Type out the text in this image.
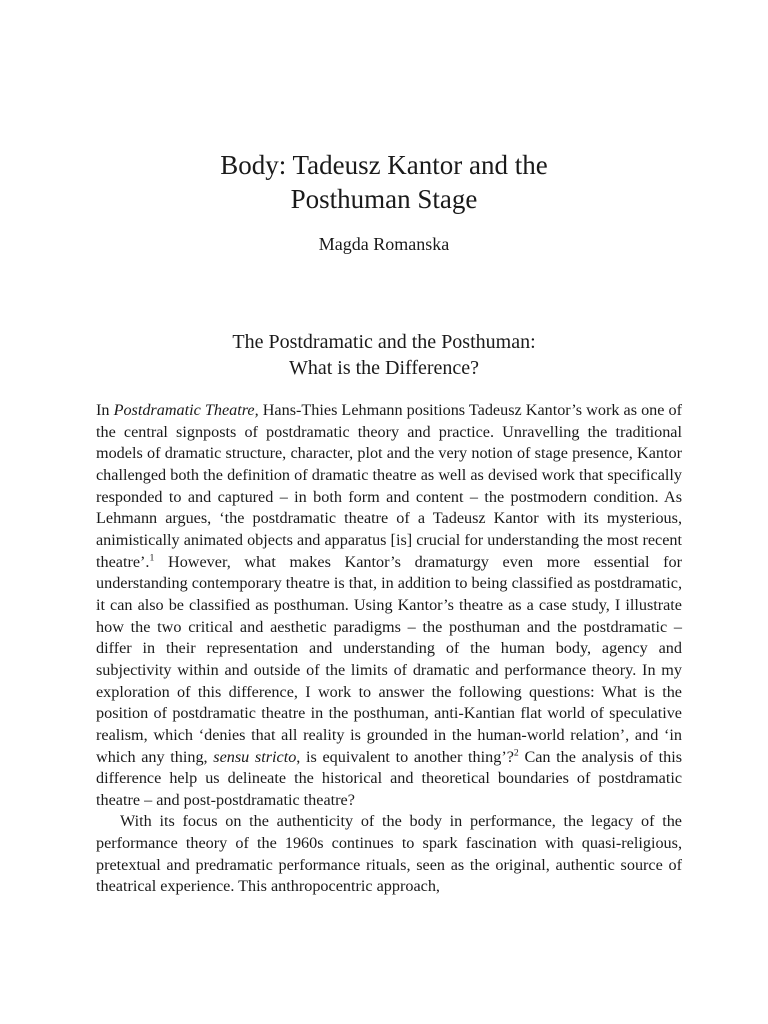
Body: Tadeusz Kantor and the
Posthuman Stage
Magda Romanska
The Postdramatic and the Posthuman:
What is the Difference?

In Postdramatic Theatre, Hans-Thies Lehmann positions Tadeusz Kantor’s work as one of the central signposts of postdramatic theory and practice. Unravelling the traditional models of dramatic structure, character, plot and the very notion of stage presence, Kantor challenged both the definition of dramatic theatre as well as devised work that specifically responded to and captured – in both form and content – the postmodern condition. As Lehmann argues, ‘the postdramatic theatre of a Tadeusz Kantor with its mysterious, animistically animated objects and apparatus [is] crucial for understanding the most recent theatre’.$^1$ However, what makes Kantor’s dramaturgy even more essential for understanding contemporary theatre is that, in addition to being classified as postdramatic, it can also be classified as posthuman. Using Kantor’s theatre as a case study, I illustrate how the two critical and aesthetic paradigms – the posthuman and the postdramatic – differ in their representation and understanding of the human body, agency and subjectivity within and outside of the limits of dramatic and performance theory. In my exploration of this difference, I work to answer the following questions: What is the position of postdramatic theatre in the posthuman, anti-Kantian flat world of speculative realism, which ‘denies that all reality is grounded in the human-world relation’, and ‘in which any thing, sensu stricto, is equivalent to another thing’?$^2$ Can the analysis of this difference help us delineate the historical and theoretical boundaries of postdramatic theatre – and post-postdramatic theatre?

With its focus on the authenticity of the body in performance, the legacy of the performance theory of the 1960s continues to spark fascination with quasi-religious, pretextual and predramatic performance rituals, seen as the original, authentic source of theatrical experience. This anthropocentric approach,
